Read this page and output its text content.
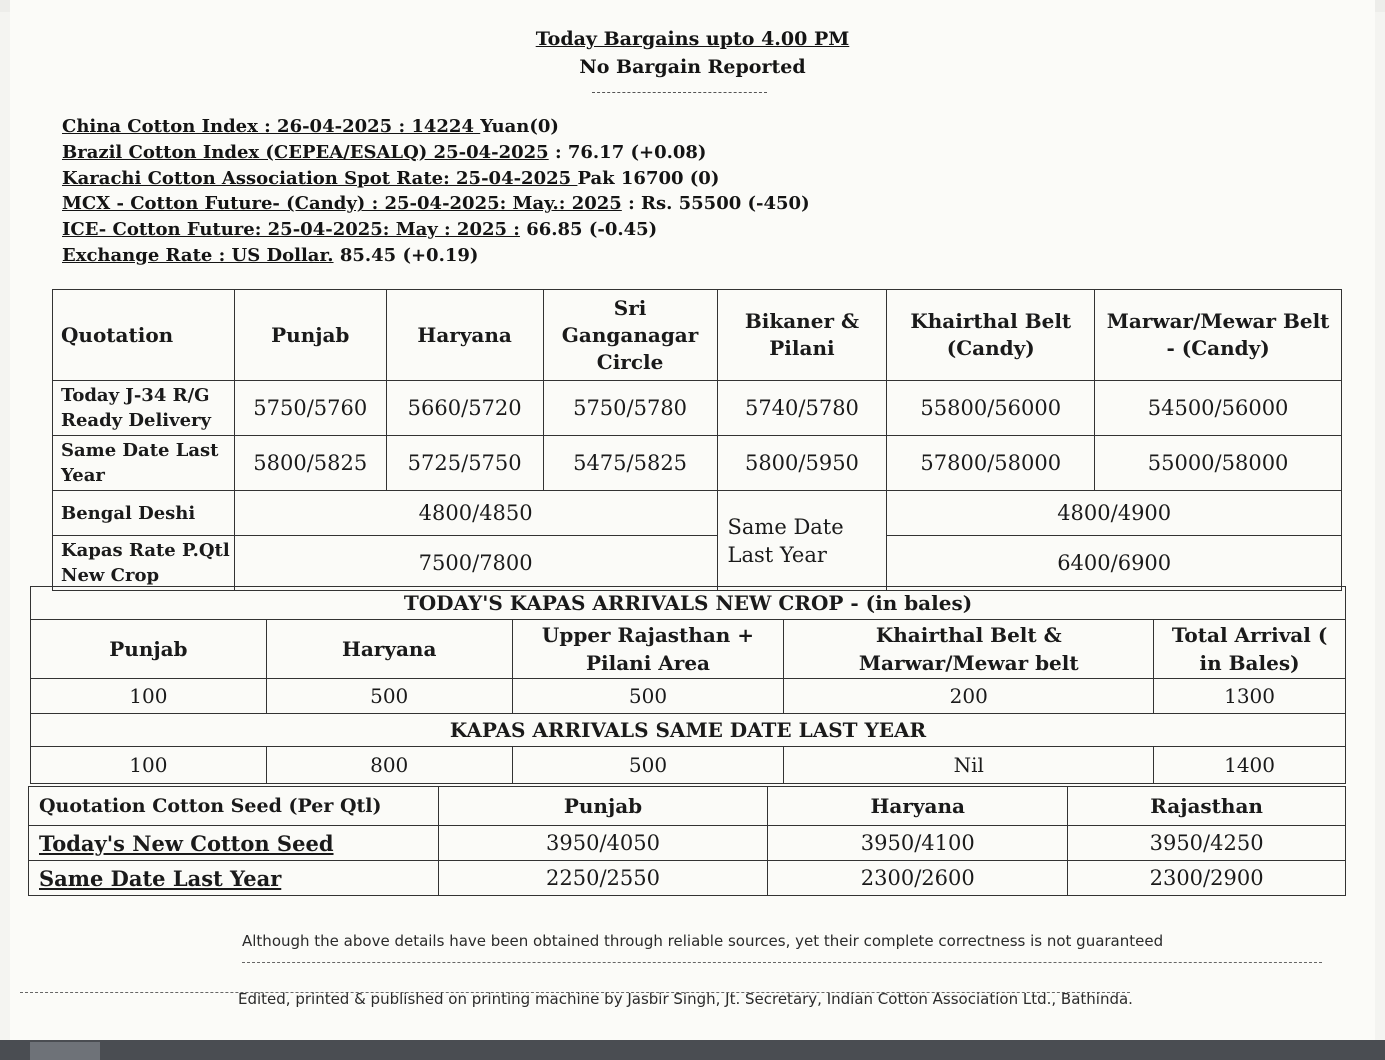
Today Bargains upto 4.00 PM
No Bargain Reported
China Cotton Index : 26-04-2025 : 14224 Yuan(0)
Brazil Cotton Index (CEPEA/ESALQ) 25-04-2025 : 76.17 (+0.08)
Karachi Cotton Association Spot Rate: 25-04-2025 Pak 16700 (0)
MCX - Cotton Future- (Candy) : 25-04-2025: May.: 2025 : Rs. 55500 (-450)
ICE- Cotton Future: 25-04-2025: May : 2025 : 66.85 (-0.45)
Exchange Rate : US Dollar. 85.45 (+0.19)
Quotation	Punjab	Haryana	Sri Ganganagar Circle	Bikaner & Pilani	Khairthal Belt (Candy)	Marwar/Mewar Belt - (Candy)
Today J-34 R/G Ready Delivery	5750/5760	5660/5720	5750/5780	5740/5780	55800/56000	54500/56000
Same Date Last Year	5800/5825	5725/5750	5475/5825	5800/5950	57800/58000	55000/58000
Bengal Deshi	4800/4850			Same Date Last Year	4800/4900	
Kapas Rate P.Qtl New Crop	7500/7800				6400/6900	
TODAY'S KAPAS ARRIVALS NEW CROP - (in bales)				
Punjab	Haryana	Upper Rajasthan + Pilani Area	Khairthal Belt & Marwar/Mewar belt	Total Arrival ( in Bales)
100	500	500	200	1300
KAPAS ARRIVALS SAME DATE LAST YEAR				
100	800	500	Nil	1400
Quotation Cotton Seed (Per Qtl)	Punjab	Haryana	Rajasthan
Today's New Cotton Seed	3950/4050	3950/4100	3950/4250
Same Date Last Year	2250/2550	2300/2600	2300/2900
Although the above details have been obtained through reliable sources, yet their complete correctness is not guaranteed
Edited, printed & published on printing machine by Jasbir Singh, Jt. Secretary, Indian Cotton Association Ltd., Bathinda.
